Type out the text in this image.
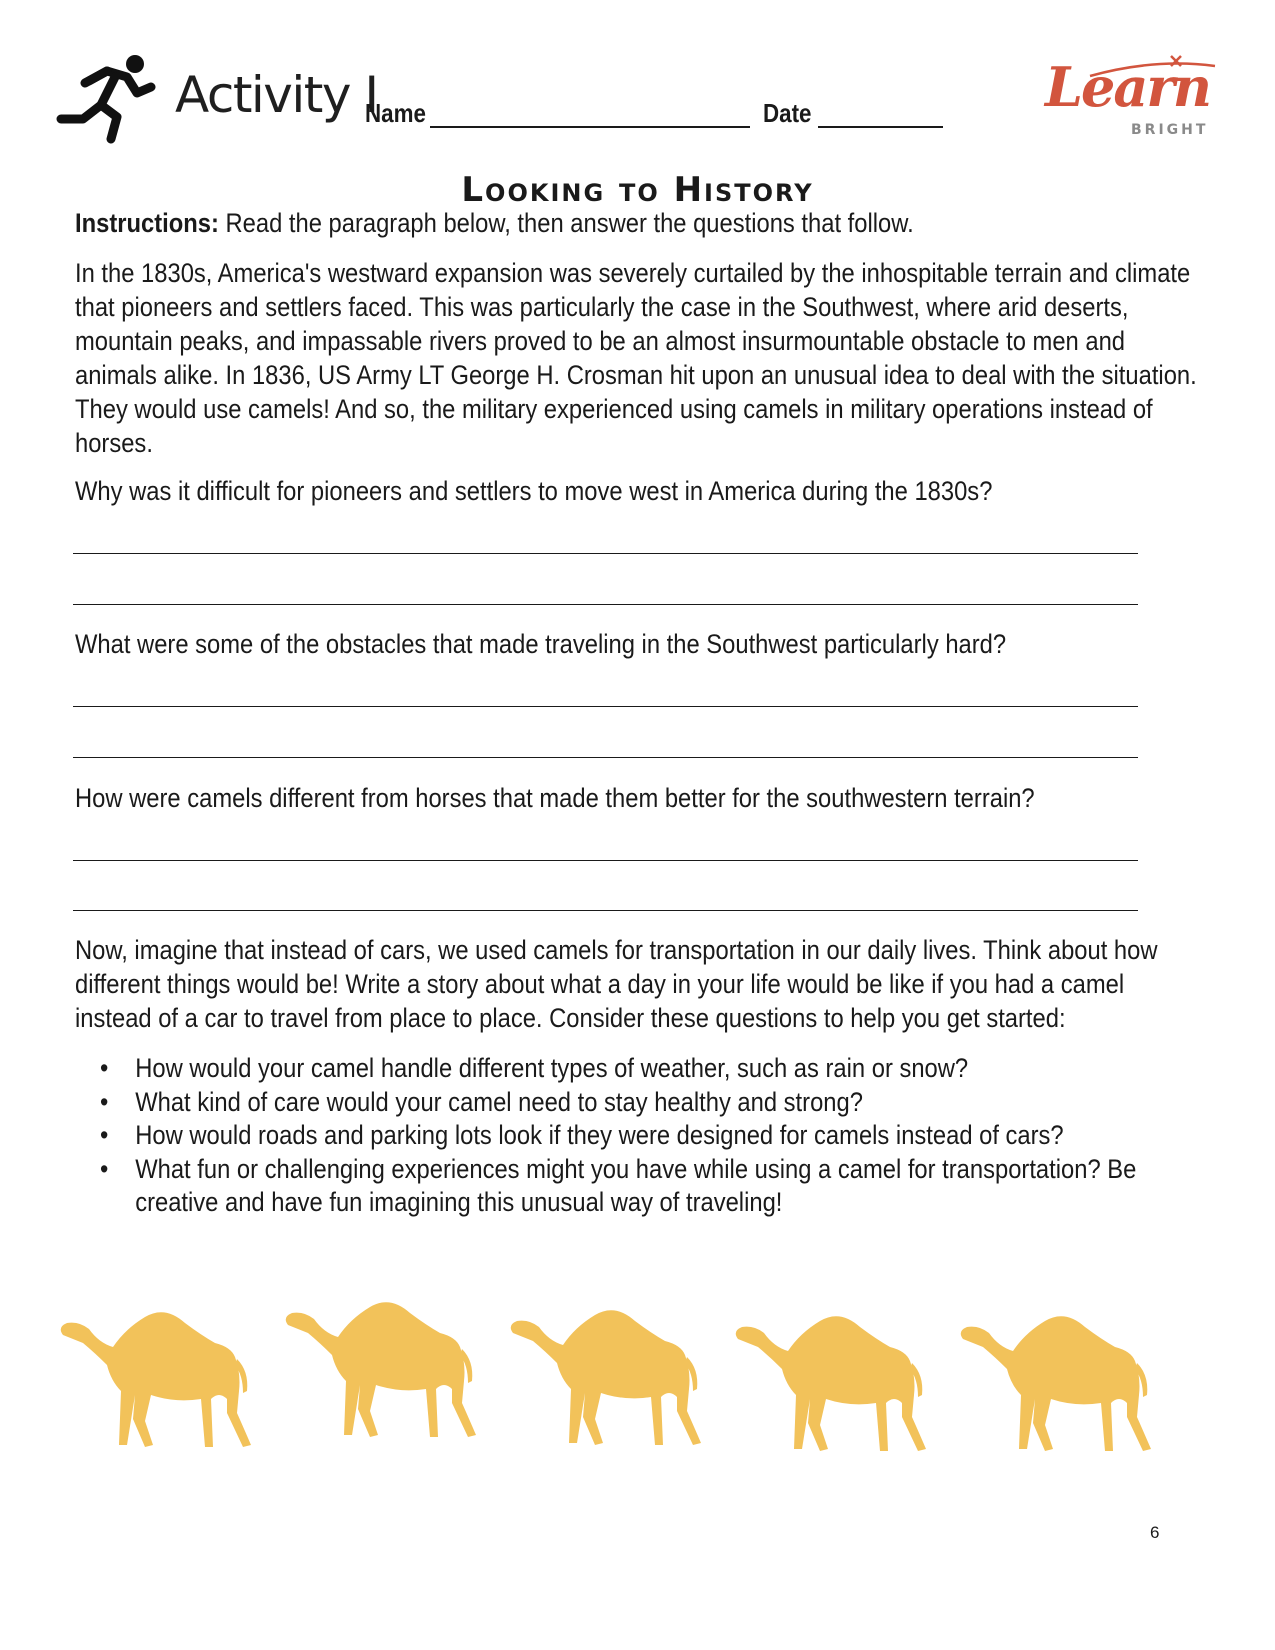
Activity I
Name	Date	Learn
BRIGHT
Looking to History
Instructions: Read the paragraph below, then answer the questions that follow.
In the 1830s, America's westward expansion was severely curtailed by the inhospitable terrain and climate that pioneers and settlers faced. This was particularly the case in the Southwest, where arid deserts, mountain peaks, and impassable rivers proved to be an almost insurmountable obstacle to men and animals alike. In 1836, US Army LT George H. Crosman hit upon an unusual idea to deal with the situation. They would use camels! And so, the military experienced using camels in military operations instead of horses.
Why was it difficult for pioneers and settlers to move west in America during the 1830s?
What were some of the obstacles that made traveling in the Southwest particularly hard?
How were camels different from horses that made them better for the southwestern terrain?
Now, imagine that instead of cars, we used camels for transportation in our daily lives. Think about how different things would be! Write a story about what a day in your life would be like if you had a camel instead of a car to travel from place to place. Consider these questions to help you get started:
• How would your camel handle different types of weather, such as rain or snow?
• What kind of care would your camel need to stay healthy and strong?
• How would roads and parking lots look if they were designed for camels instead of cars?
• What fun or challenging experiences might you have while using a camel for transportation? Be creative and have fun imagining this unusual way of traveling!
6
